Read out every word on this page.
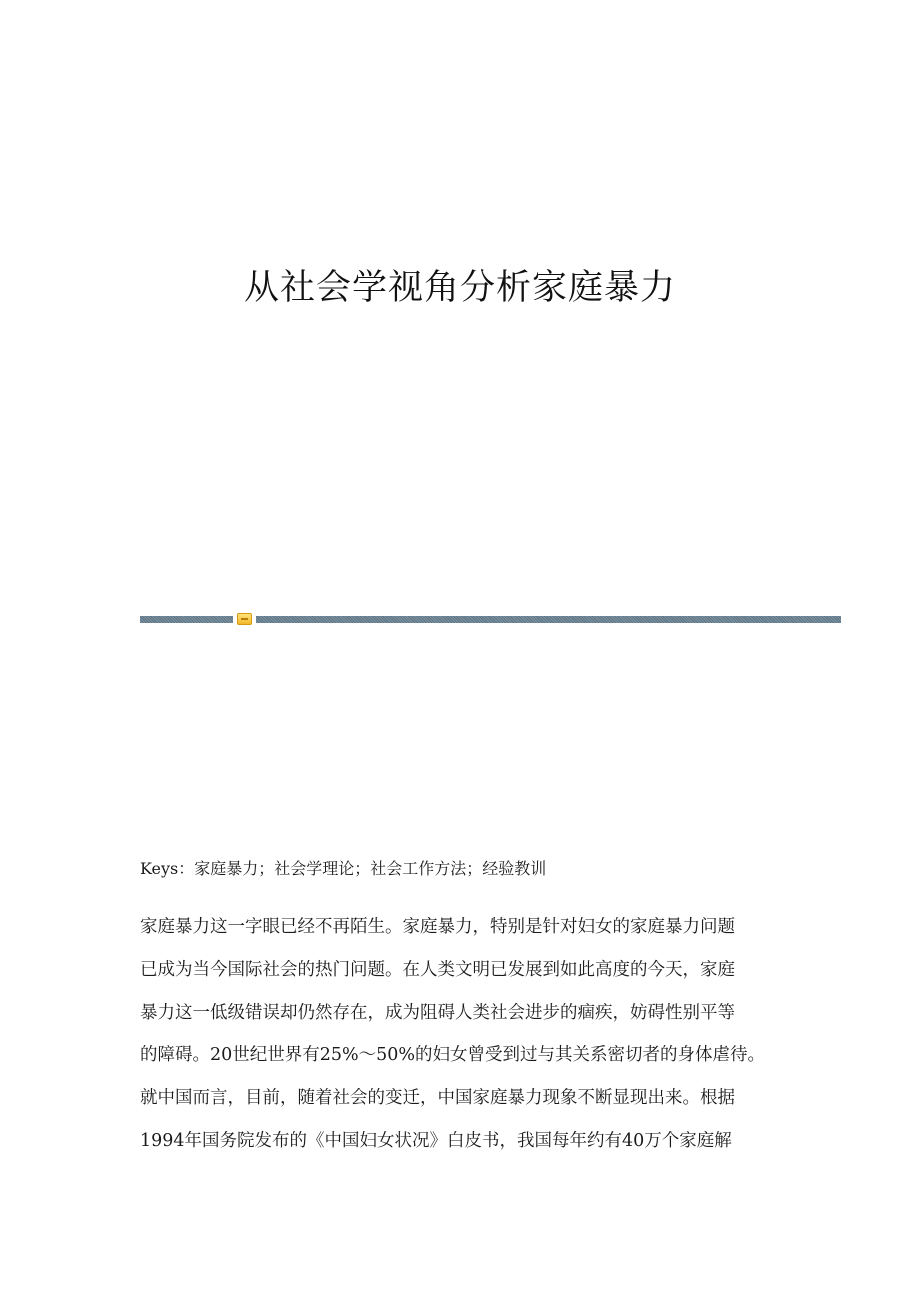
从社会学视角分析家庭暴力
Keys：家庭暴力；社会学理论；社会工作方法；经验教训
家庭暴力这一字眼已经不再陌生。家庭暴力，特别是针对妇女的家庭暴力问题
已成为当今国际社会的热门问题。在人类文明已发展到如此高度的今天，家庭
暴力这一低级错误却仍然存在，成为阻碍人类社会进步的痼疾，妨碍性别平等
的障碍。20世纪世界有25%～50%的妇女曾受到过与其关系密切者的身体虐待。
就中国而言，目前，随着社会的变迁，中国家庭暴力现象不断显现出来。根据
1994年国务院发布的《中国妇女状况》白皮书，我国每年约有40万个家庭解
